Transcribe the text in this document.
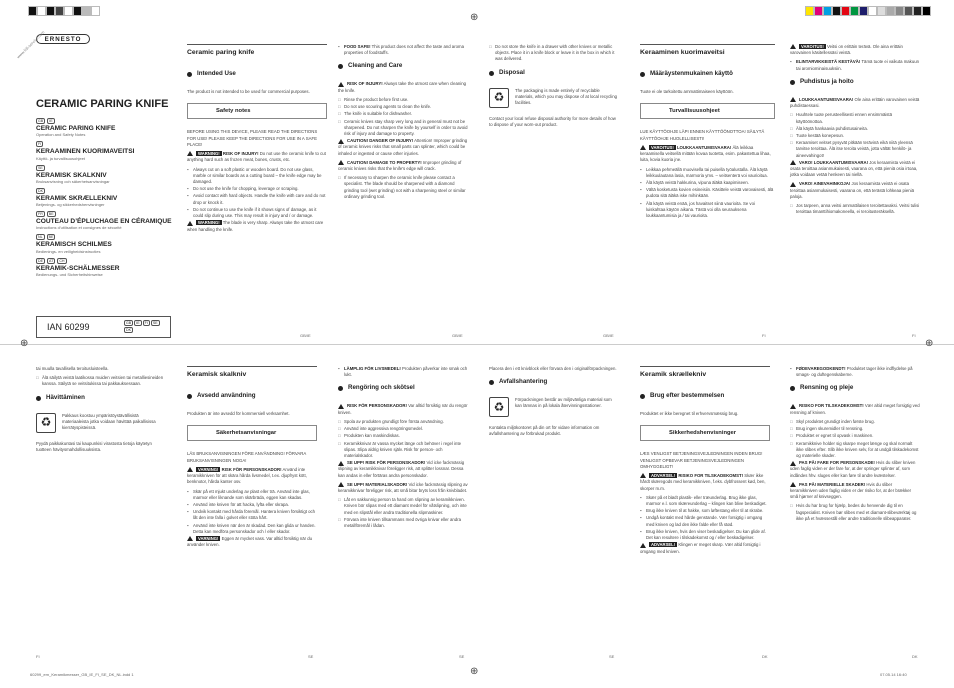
⊕
⊕
⊕
⊕
ERNESTO
www.lidl-service.com
CERAMIC PARING KNIFE
GB	IE
CERAMIC PARING KNIFE
Operation and Safety Notes
FI
KERAAMINEN KUORIMAVEITSI
Käyttö- ja turvallisuusohjeet
SE
KERAMISK SKALKNIV
Bruksanvisning och säkerhetsanvisningar
DK
KERAMIK SKRÆLLEKNIV
Betjenings- og sikkerhedshenvisninger
FR	BE
COUTEAU D’ÉPLUCHAGE EN CÉRAMIQUE
Instructions d’utilisation et consignes de sécurité
NL	BE
KERAMISCH SCHILMES
Bedienings- en veiligheidsinstructies
DE	AT	CH
KERAMIK-SCHÄLMESSER
Bedienungs- und Sicherheitshinweise
IAN 60299	GB	IE	FI	SE
DK
Ceramic paring knife
Intended Use

The product is not intended to be used for commercial purposes.

Safety notes

BEFORE USING THIS DEVICE, PLEASE READ THE DIRECTIONS FOR USE! PLEASE KEEP THE DIRECTIONS FOR USE IN A SAFE PLACE!

WARNING! RISK OF INJURY! Do not use the ceramic knife to cut anything hard such as frozen meat, bones, crusts, etc.

▪	Always cut on a soft plastic or wooden board. Do not use glass, marble or similar boards as a cutting board – the knife edge may be damaged.
▪	Do not use the knife for chopping, leverage or scraping.
▪	Avoid contact with hard objects. Handle the knife with care and do not drop or knock it.
▪	Do not continue to use the knife if it shows signs of damage, as it could slip during use. This may result in injury and / or damage.

WARNING! The blade is very sharp. Always take the utmost care when handling the knife.

▪	FOOD SAFE! This product does not affect the taste and aroma properties of foodstuffs.
Cleaning and Care

RISK OF INJURY! Always take the utmost care when cleaning the knife.

□ Rinse the product before first use.
□ Do not use scouring agents to clean the knife.
□ The knife is suitable for dishwasher.
□ Ceramic knives stay sharp very long and in general must not be sharpened. Do not sharpen the knife by yourself in order to avoid risk of injury and damage to property.

CAUTION! DANGER OF INJURY! Attention! Improper grinding of ceramic knives risks that small parts can splinter, which could be inhaled or ingested or cause other injuries.

CAUTION! DAMAGE TO PROPERTY! Improper grinding of ceramic knives risks that the knife's edge will crack.

□ If necessary to sharpen the ceramic knife please contact a specialist. The blade should be sharpened with a diamond grinding tool (wet grinding) not with a sharpening steel or similar ordinary grinding tool.
□ Do not store the knife in a drawer with other knives or metallic objects. Place it in a knife block or leave it in the box in which it was delivered.
Disposal
♻	The packaging is made entirely of recyclable materials, which you may dispose of at local recycling facilities.

Contact your local refuse disposal authority for more details of how to dispose of your worn-out product.

Keraaminen kuorimaveitsi
Määräystenmukainen käyttö

Tuote ei ole tarkoitettu ammattimaiseen käyttöön.

Turvallisuusohjeet

LUE KÄYTTÖOHJE LÄPI ENNEN KÄYTTÖÖNOTTOA! SÄILYTÄ KÄYTTÖOHJE HUOLELLISESTI!

VAROITUS! LOUKKAANTUMISVAARA! Älä leikkaa keraamisella veitsellä mitään kovaa tuotetta, esim. pakastettua lihaa, luita, kovia kuoria jne.

▪	Leikkaa pehmeällä muovisella tai puisella työalustalla. Älä käytä leikkuulautana lasia, marmoria yms. – veitsenterä voi vaurioitua.
▪	Älä käytä veistä hakkurina, vipuna äläkä kaapimiseen.
▪	Vältä kosketusta kovien esineisiin. Käsittele veistä varovaisesti, älä pudota sitä äläkä iske mihinkään.
▪	Älä käytä veistä enää, jos havaitset siinä vaurioita. Se voi luiskahtaa käytön aikana. Tästä voi olla seurauksena loukkaantumisia ja / tai vaurioita.

VAROITUS! Veitsi on erittäin terävä. Ole aina erittäin varovainen käsitellessäsi veistä.

▪	ELINTARVIKKEISTÄ KESTÄVÄ! Tämä tuote ei vaikuta makuun tai aromiominaisuuksiin.
Puhdistus ja hoito

LOUKKAANTUMISVAARA! Ole aina erittäin varovainen veistä puhdistaessasi.

□ Huuhtele tuote perusteellisesti ennen ensimmäistä käyttöönottoa.
□ Älä käytä hankaavia puhdistusaineita.
□ Tuote kestää konepesun.
□ Keraamiset veitset pysyvät pitkään terävinä eikä niitä yleensä tarvitse teroittaa. Älä itse teroita veistä, jotta vältät henkilö- ja aineevahingot!

VARO! LOUKKAANTUMISVAARA! Jos keraamista veistä ei osata teroittaa asianmukaisesti, vaarana on, että pieniä osia irtoaa, jotka voidaan vetää henkeen tai niellä.

VARO! AINEVAHINKOJA! Jos keraamista veistä ei osata teroittaa asianmukaisesti, vaarana on, että terästä lohkeaa pieniä paloja.

□ Jos tarpeen, anna veitsi ammattilaisen teroitettavaksi. Veitsi tulisi teroittaa timanttihiomakoneella, ei teroitusteräksellä.

tai muulla tavallisella teroitusluisteella.

□ Älä säilytä veistä laatikossa muiden veitsien tai metalliesineiden kanssa. Säilytä se veitsitukissa tai pakkauksessaan.
Hävittäminen
♻	Pakkaus koostuu ympäristöystävällisistä materiaaleista jotka voidaan hävittää paikallisissa kierrätyspisteissä.

Pyydä paikkakuntasi tai kaupunkisi virastosta tietoja käytetyn tuotteen hävitysmahdollisuuksista.

Keramisk skalkniv
Avsedd användning

Produkten är inte avsedd för kommersiell verksamhet.

Säkerhetsanvisningar

LÄS BRUKSANVISNINGEN FÖRE ANVÄNDNING! FÖRVARA BRUKSANVISNINGEN NOGA!

VARNING! RISK FÖR PERSONSKADOR! Använd inte keramikkniven för att skära hårda livsmedel, t.ex. djupfryst kött, benknotor, hårda kanter osv.

▪	Skär på ett mjukt underlag av plast eller trä. Använd inte glas, marmor eller liknande som skärbräda, eggen kan skadas.
▪	Använd inte kniven för att hacka, lyfta eller skrapa.
▪	Undvik kontakt med hårda föremål. Hantera kniven försiktigt och låt den inte falla i golvet eller stöta hårt.
▪	Använd inte kniven när den är skadad. Den kan glida ur handen. Detta kan medföra personskador och / eller skador.

VARNING! Eggen är mycket vass. Var alltid försiktig när du använder kniven.

▪	LÄMPLIG FÖR LIVSMEDEL! Produkten påverkar inte smak och lukt.
Rengöring och skötsel

RISK FÖR PERSONSKADOR! Var alltid försiktig när du rengör kniven.

□ Spola av produkten grundligt före första användning.
□ Använd inte aggressiva rengöringsmedel.
□ Produkten kan maskindiskas.
□ Keramikknivar är vassa mycket länge och behöver i regel inte slipas. Slipa aldrig kniven själv. Risk för person- och materialskador.

SE UPP! RISK FÖR PERSONSKADOR! Vid icke fackmässig slipning av keramikknivar föreligger risk, att splitter lossnar. Dessa kan andas in eller förtäras andra personskador.

SE UPP! MATERIALSKADOR! Vid icke fackmässig slipning av keramikknivar föreligger risk, att små bitar bryts loss från knivbladet.

□ Låt en sakkunnig person ta hand om slipning av keramikkniven. Kniven bör slipas med ett diamant medel för våtslipning, och inte med en slipstål eller andra traditionella slipmaskiner.
□ Förvara inte kniven tillsammans med övriga knivar eller andra metallföremål i lådan.

Placera den i ett knivblock eller förvara den i originalförpackningen.

Avfallshantering
♻	Förpackningen består av miljövänliga material som kan lämnas in på lokala återvinningsstationer.

Kontakta miljökontoret på din ort för vidare information om avfallshantering av förbrukad produkt.

Keramik skrællekniv
Brug efter bestemmelsen

Produktet er ikke beregnet til erhvervsmæssig brug.

Sikkerhedshenvisninger

LÆS VENLIGST BETJENINGSVEJLEDNINGEN INDEN BRUG! VENLIGST OPBEVAR BETJENINGSVEJLEDNINGEN OMHYGGELIGT!

ADVARSEL! RISIKO FOR TILSKADEKOMST! Skær ikke hårdt skæregods med keramikkniven, f.eks. dybfrossent kød, ben, skorper m.m.

▪	Skær på et blødt plastik- eller træunderlag. Brug ikke glas, marmor e.l. som skæreunderlag – klingen kan blive beskadiget.
▪	Brug ikke kniven til at hakke, som løftestang eller til at skrabe.
▪	Undgå kontakt med hårde genstande. Vær forsigtig i omgang med kniven og lad den ikke falde eller få stød.
▪	Brug ikke kniven, hvis den viser beskadigelser. Du kan glide af. Det kan resultere i tilskadekomst og / eller beskadigelser.

ADVARSEL! Klingen er meget skarp. Vær altid forsigtig i omgang med kniven.

▪	FØDEVAREGODKENDT! Produktet tager ikke indflydelse på smags- og duftegenskaberne.
Rensning og pleje

RISIKO FOR TILSKADEKOMST! Vær altid meget forsigtig ved rensning af kniven.

□ Skyl produktet grundigt inden første brug.
□ Brug ingen skuremidler til rensning.
□ Produktet er egnet til opvask i maskinen.
□ Keramikknive holder sig skarpe meget længe og skal normalt ikke slibes efter. Slib ikke kniven selv, for at undgå tilskadekomst og materielle skader.

PAS PÅ! FARE FOR PERSONSKADE! Hvis du sliber kniven uden faglig viden er der fare for, at der springer splinter af, som indåndes hhv. sluges eller kan føre til andre kvæstelser.

PAS PÅ! MATERIELLE SKADER! Hvis du sliber keramikkniven uden faglig viden er der risiko for, at der brækker små hjørner af knivseggen.

□ Hvis du har brug for hjælp, bedes du henvende dig til en fagspecialist. Kniven bør slibes med et diamant-slibeværktøj og ikke på et hvæssestål eller andre traditionelle slibeapparater.
GB/IE	GB/IE	GB/IE	FI	FI
FI	SE	SE	SE	DK	DK
60299_ern_Keramikmesser_GB_IE_FI_SE_DK_NL.indd 1	07.05.14 16:40
